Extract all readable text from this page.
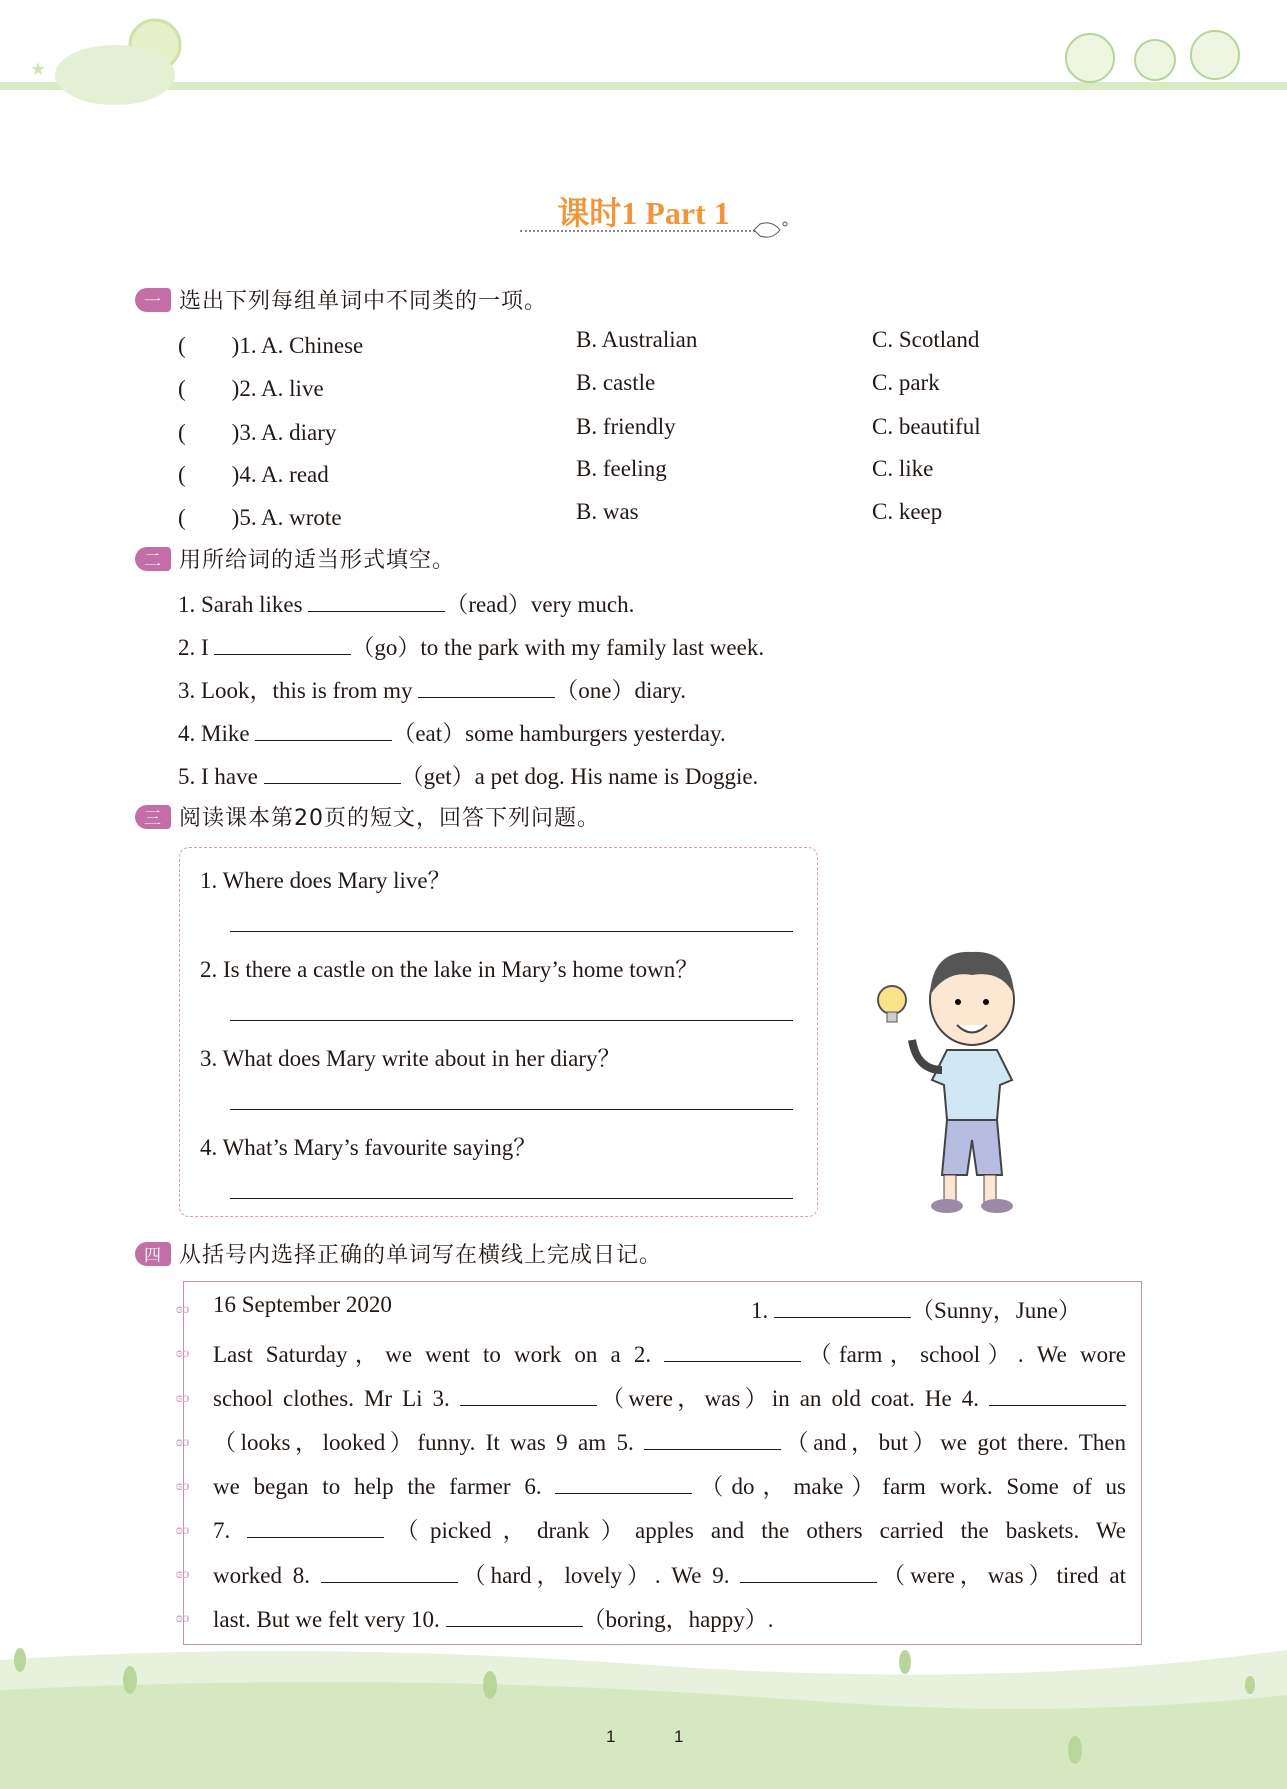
★
课时1 Part 1
一 选出下列每组单词中不同类的一项。
(　　)1. A. Chinese	B. Australian	C. Scotland
(　　)2. A. live	B. castle	C. park
(　　)3. A. diary	B. friendly	C. beautiful
(　　)4. A. read	B. feeling	C. like
(　　)5. A. wrote	B. was	C. keep
二 用所给词的适当形式填空。
1. Sarah likes	（read）very much.
2. I	（go）to the park with my family last week.
3. Look，this is from my	（one）diary.
4. Mike	（eat）some hamburgers yesterday.
5. I have	（get）a pet dog. His name is Doggie.
三 阅读课本第20页的短文，回答下列问题。
1. Where does Mary live？
2. Is there a castle on the lake in Mary’s home town？
3. What does Mary write about in her diary？
4. What’s Mary’s favourite saying？
四 从括号内选择正确的单词写在横线上完成日记。
ɞo
ɞo
ɞo
ɞo
ɞo
ɞo
ɞo
ɞo
16 September 2020	1.	（Sunny，June）
Last Saturday，we went to work on a 2.	（farm，school）. We wore
school clothes. Mr Li 3.	（were，was）in an old coat. He 4.
（looks，looked）funny. It was 9 am 5.	（and，but）we got there. Then
we began to help the farmer 6.	（do，make）farm work. Some of us
7.	（picked，drank）apples and the others carried the baskets. We
worked 8.	（hard，lovely）. We 9.	（were，was）tired at
last. But we felt very 10.	（boring，happy）.
1	1
